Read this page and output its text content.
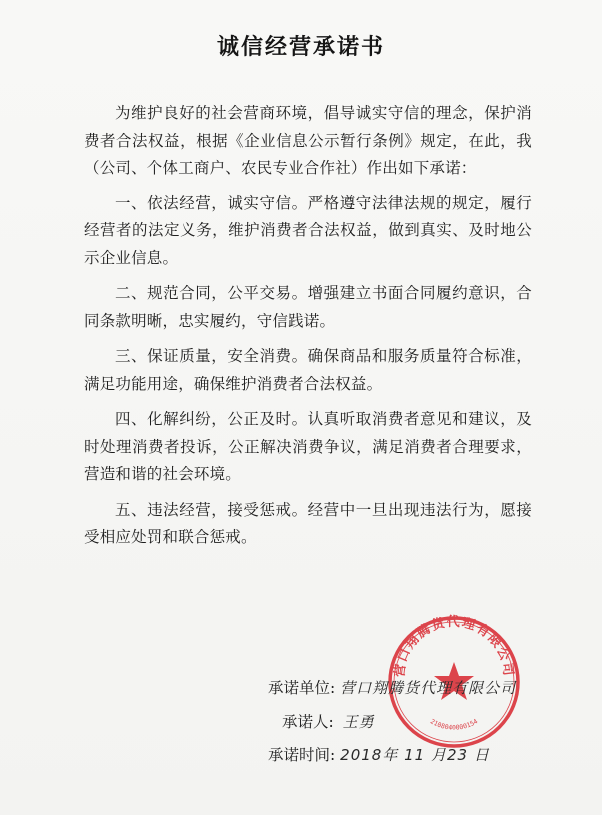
诚信经营承诺书

为维护良好的社会营商环境，倡导诚实守信的理念，保护消费者合法权益，根据《企业信息公示暂行条例》规定，在此，我（公司、个体工商户、农民专业合作社）作出如下承诺：

一、依法经营，诚实守信。严格遵守法律法规的规定，履行经营者的法定义务，维护消费者合法权益，做到真实、及时地公示企业信息。

二、规范合同，公平交易。增强建立书面合同履约意识，合同条款明晰，忠实履约，守信践诺。

三、保证质量，安全消费。确保商品和服务质量符合标准，满足功能用途，确保维护消费者合法权益。

四、化解纠纷，公正及时。认真听取消费者意见和建议，及时处理消费者投诉，公正解决消费争议，满足消费者合理要求，营造和谐的社会环境。

五、违法经营，接受惩戒。经营中一旦出现违法行为，愿接受相应处罚和联合惩戒。

营口翔腾货代理有限公司
2108040000154
承诺单位: 营口翔腾货代理有限公司
承诺人: 王勇
承诺时间: 2018年 11 月23 日
